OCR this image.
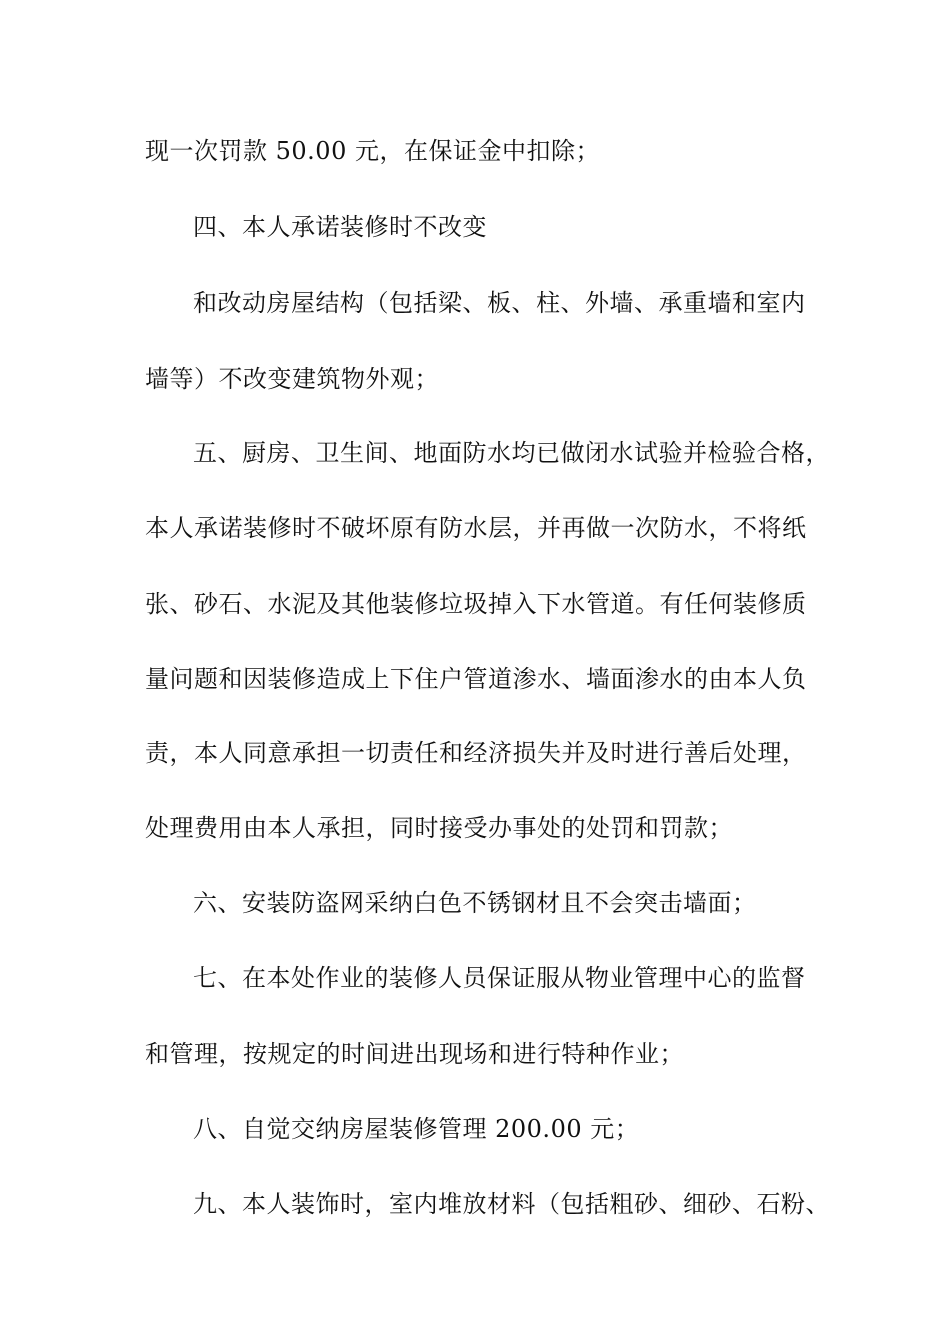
现一次罚款 50.00 元，在保证金中扣除；
四、本人承诺装修时不改变
和改动房屋结构（包括梁、板、柱、外墙、承重墙和室内
墙等）不改变建筑物外观；
五、厨房、卫生间、地面防水均已做闭水试验并检验合格，
本人承诺装修时不破坏原有防水层，并再做一次防水，不将纸
张、砂石、水泥及其他装修垃圾掉入下水管道。有任何装修质
量问题和因装修造成上下住户管道渗水、墙面渗水的由本人负
责，本人同意承担一切责任和经济损失并及时进行善后处理，
处理费用由本人承担，同时接受办事处的处罚和罚款；
六、安装防盗网采纳白色不锈钢材且不会突击墙面；
七、在本处作业的装修人员保证服从物业管理中心的监督
和管理，按规定的时间进出现场和进行特种作业；
八、自觉交纳房屋装修管理 200.00 元；
九、本人装饰时，室内堆放材料（包括粗砂、细砂、石粉、
